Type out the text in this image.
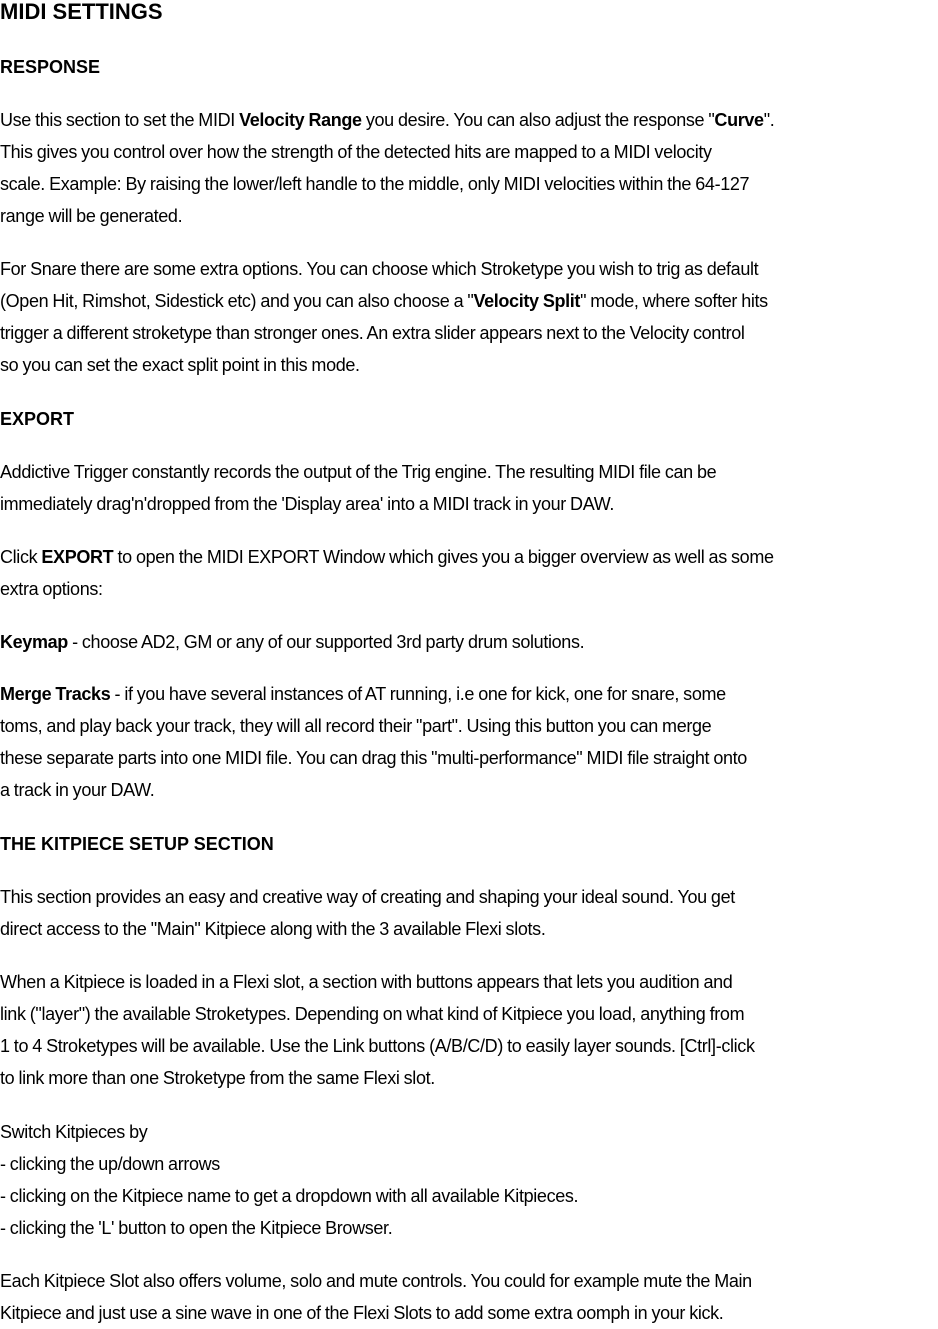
MIDI SETTINGS
RESPONSE

Use this section to set the MIDI Velocity Range you desire. You can also adjust the response "Curve".
This gives you control over how the strength of the detected hits are mapped to a MIDI velocity
scale. Example: By raising the lower/left handle to the middle, only MIDI velocities within the 64-127
range will be generated.

For Snare there are some extra options. You can choose which Stroketype you wish to trig as default
(Open Hit, Rimshot, Sidestick etc) and you can also choose a "Velocity Split" mode, where softer hits
trigger a different stroketype than stronger ones. An extra slider appears next to the Velocity control
so you can set the exact split point in this mode.

EXPORT

Addictive Trigger constantly records the output of the Trig engine. The resulting MIDI file can be
immediately drag'n'dropped from the 'Display area' into a MIDI track in your DAW.

Click EXPORT to open the MIDI EXPORT Window which gives you a bigger overview as well as some
extra options:

Keymap - choose AD2, GM or any of our supported 3rd party drum solutions.

Merge Tracks - if you have several instances of AT running, i.e one for kick, one for snare, some
toms, and play back your track, they will all record their "part". Using this button you can merge
these separate parts into one MIDI file. You can drag this "multi-performance" MIDI file straight onto
a track in your DAW.

THE KITPIECE SETUP SECTION

This section provides an easy and creative way of creating and shaping your ideal sound. You get
direct access to the "Main" Kitpiece along with the 3 available Flexi slots.

When a Kitpiece is loaded in a Flexi slot, a section with buttons appears that lets you audition and
link ("layer") the available Stroketypes. Depending on what kind of Kitpiece you load, anything from
1 to 4 Stroketypes will be available. Use the Link buttons (A/B/C/D) to easily layer sounds. [Ctrl]-click
to link more than one Stroketype from the same Flexi slot.

Switch Kitpieces by
- clicking the up/down arrows
- clicking on the Kitpiece name to get a dropdown with all available Kitpieces.
- clicking the 'L' button to open the Kitpiece Browser.

Each Kitpiece Slot also offers volume, solo and mute controls. You could for example mute the Main
Kitpiece and just use a sine wave in one of the Flexi Slots to add some extra oomph in your kick.
